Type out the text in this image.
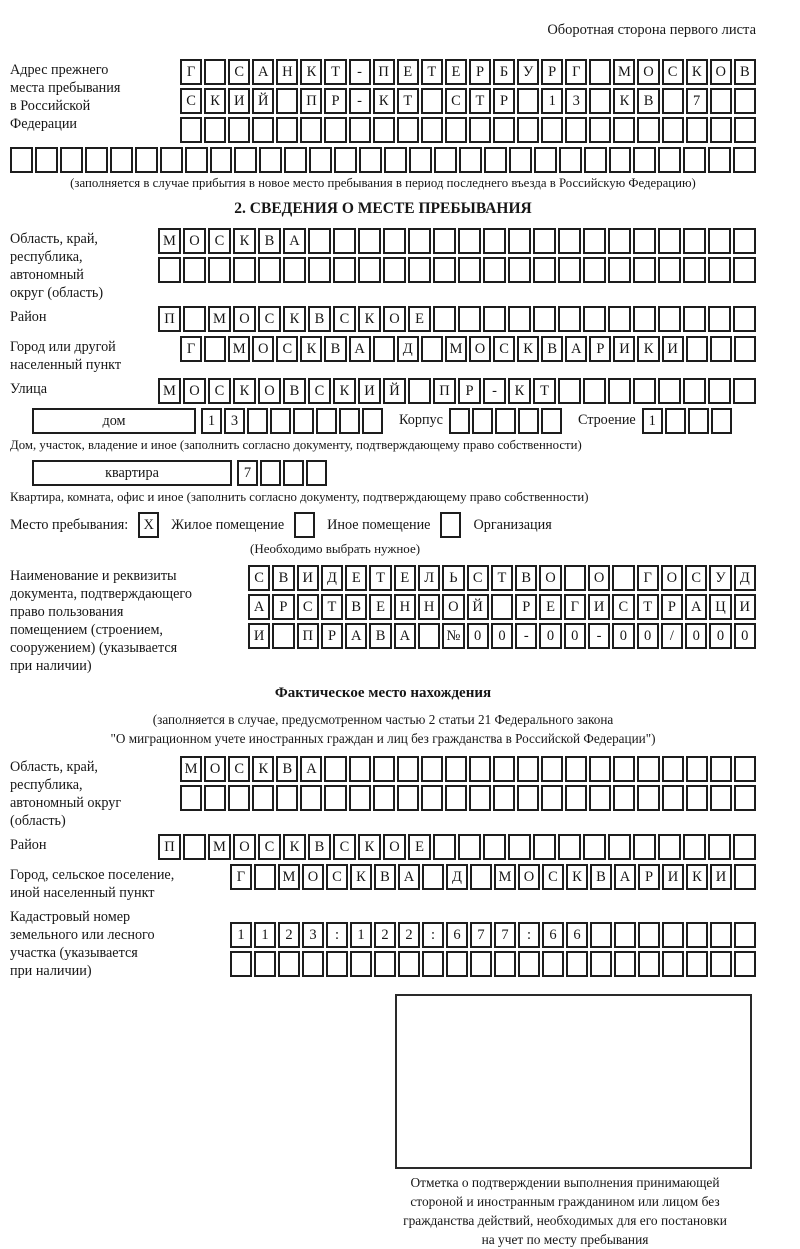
Оборотная сторона первого листа
Адрес прежнего
места пребывания
в Российской
Федерации
Г	С А Н К	Т	-	П Е	Т	Е	Р	Б	У	Р	Г	М О С К О В
С К И Й	П	Р	-	К	Т	С	Т	Р	1	3	К В	7
(заполняется в случае прибытия в новое место пребывания в период последнего въезда в Российскую Федерацию)
2. СВЕДЕНИЯ О МЕСТЕ ПРЕБЫВАНИЯ
Область, край,
республика,
автономный
округ (область)
М О	С	К	В	А
Район	П	М О	С	К	В	С	К	О	Е
Город или другой
населенный пункт
Г	М О С К В А	Д	М О С К В А	Р	И К И
Улица	М О	С	К	О	В	С	К	И	Й	П	Р	-	К	Т
дом	1	3	Корпус	Строение 1
Дом, участок, владение и иное (заполнить согласно документу, подтверждающему право собственности)
квартира	7
Квартира, комната, офис и иное (заполнить согласно документу, подтверждающему право собственности)
Место пребывания:	X	Жилое помещение	Иное помещение	Организация
(Необходимо выбрать нужное)
Наименование и реквизиты
документа, подтверждающего
право пользования
помещением (строением,
сооружением) (указывается
при наличии)
С	В И Д	Е	Т	Е	Л	Ь	С	Т	В О	О	Г	О С У Д
А	Р	С	Т	В	Е	Н Н О Й	Р	Е	Г	И С	Т	Р	А Ц И
И	П	Р	А В А	№ 0	0	-	0	0	-	0	0	/	0	0	0
Фактическое место нахождения
(заполняется в случае, предусмотренном частью 2 статьи 21 Федерального закона
"О миграционном учете иностранных граждан и лиц без гражданства в Российской Федерации")
Область, край,
республика,
автономный округ
(область)
М О С К В А
Район	П	М О	С	К	В	С	К	О	Е
Город, сельское поселение,
иной населенный пункт
Г	М О С К В А	Д	М О С К В А	Р	И К И
Кадастровый номер
земельного или лесного
участка (указывается
при наличии)
1	1	2	3	:	1	2	2	:	6	7	7	:	6	6
Отметка о подтверждении выполнения принимающей
стороной и иностранным гражданином или лицом без
гражданства действий, необходимых для его постановки
на учет по месту пребывания
